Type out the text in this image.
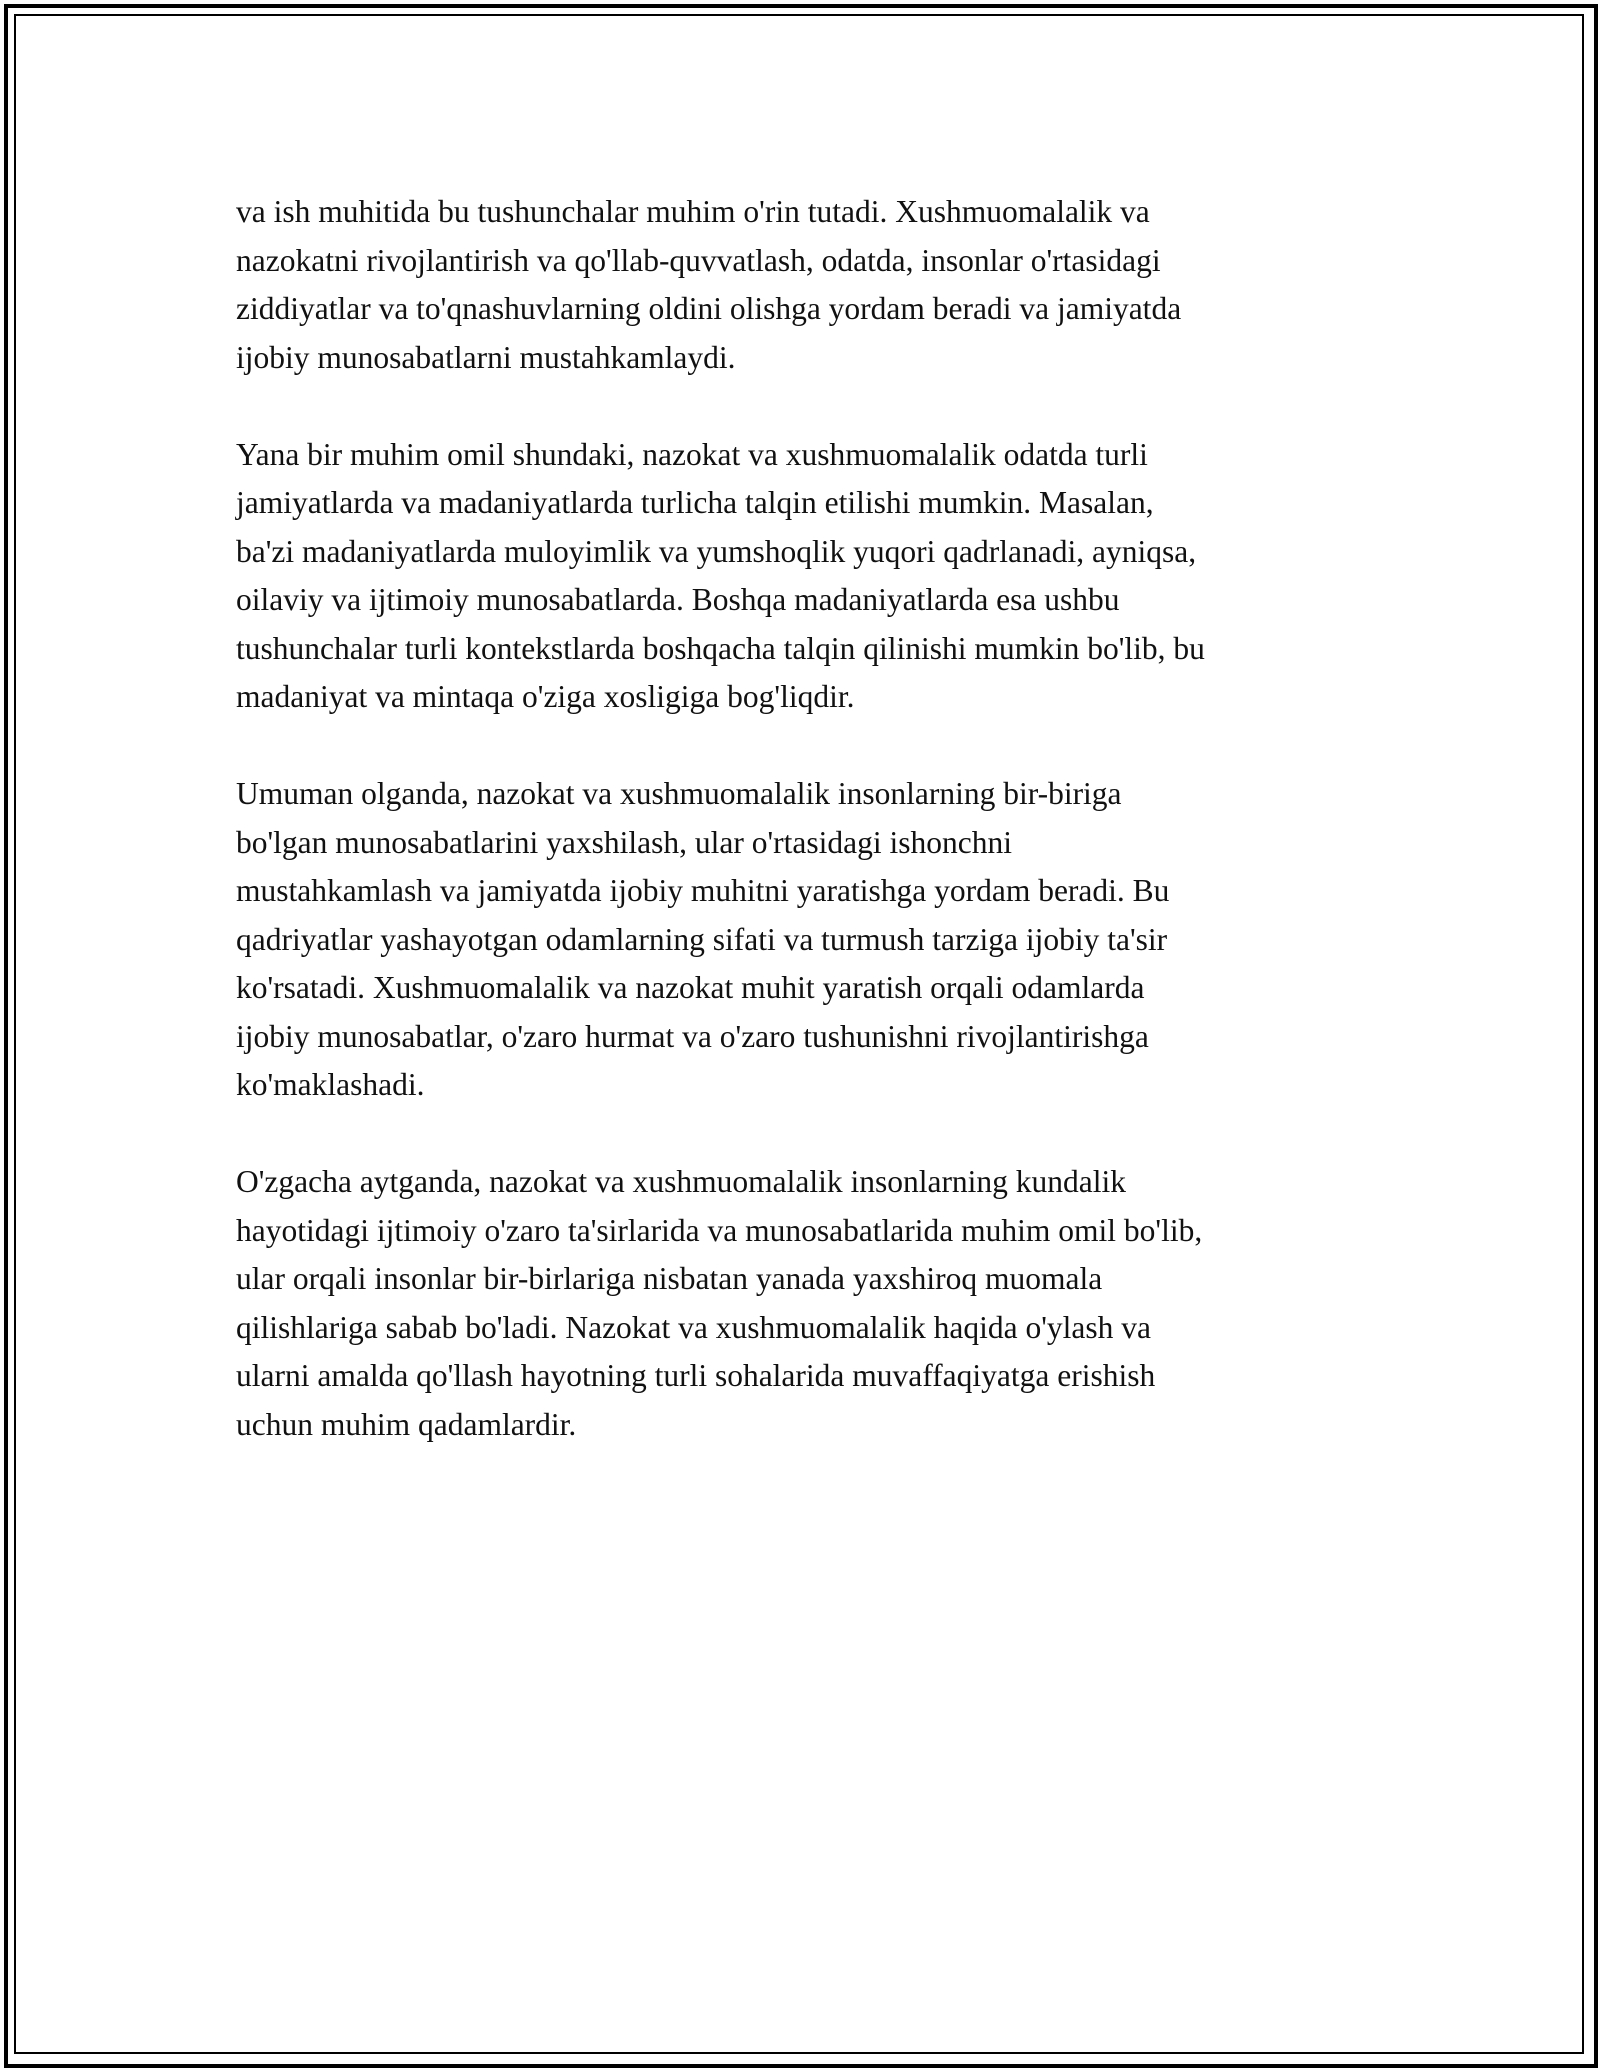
va ish muhitida bu tushunchalar muhim o'rin tutadi. Xushmuomalalik va
nazokatni rivojlantirish va qo'llab-quvvatlash, odatda, insonlar o'rtasidagi
ziddiyatlar va to'qnashuvlarning oldini olishga yordam beradi va jamiyatda
ijobiy munosabatlarni mustahkamlaydi.

Yana bir muhim omil shundaki, nazokat va xushmuomalalik odatda turli
jamiyatlarda va madaniyatlarda turlicha talqin etilishi mumkin. Masalan,
ba'zi madaniyatlarda muloyimlik va yumshoqlik yuqori qadrlanadi, ayniqsa,
oilaviy va ijtimoiy munosabatlarda. Boshqa madaniyatlarda esa ushbu
tushunchalar turli kontekstlarda boshqacha talqin qilinishi mumkin bo'lib, bu
madaniyat va mintaqa o'ziga xosligiga bog'liqdir.

Umuman olganda, nazokat va xushmuomalalik insonlarning bir-biriga
bo'lgan munosabatlarini yaxshilash, ular o'rtasidagi ishonchni
mustahkamlash va jamiyatda ijobiy muhitni yaratishga yordam beradi. Bu
qadriyatlar yashayotgan odamlarning sifati va turmush tarziga ijobiy ta'sir
ko'rsatadi. Xushmuomalalik va nazokat muhit yaratish orqali odamlarda
ijobiy munosabatlar, o'zaro hurmat va o'zaro tushunishni rivojlantirishga
ko'maklashadi.

O'zgacha aytganda, nazokat va xushmuomalalik insonlarning kundalik
hayotidagi ijtimoiy o'zaro ta'sirlarida va munosabatlarida muhim omil bo'lib,
ular orqali insonlar bir-birlariga nisbatan yanada yaxshiroq muomala
qilishlariga sabab bo'ladi. Nazokat va xushmuomalalik haqida o'ylash va
ularni amalda qo'llash hayotning turli sohalarida muvaffaqiyatga erishish
uchun muhim qadamlardir.
